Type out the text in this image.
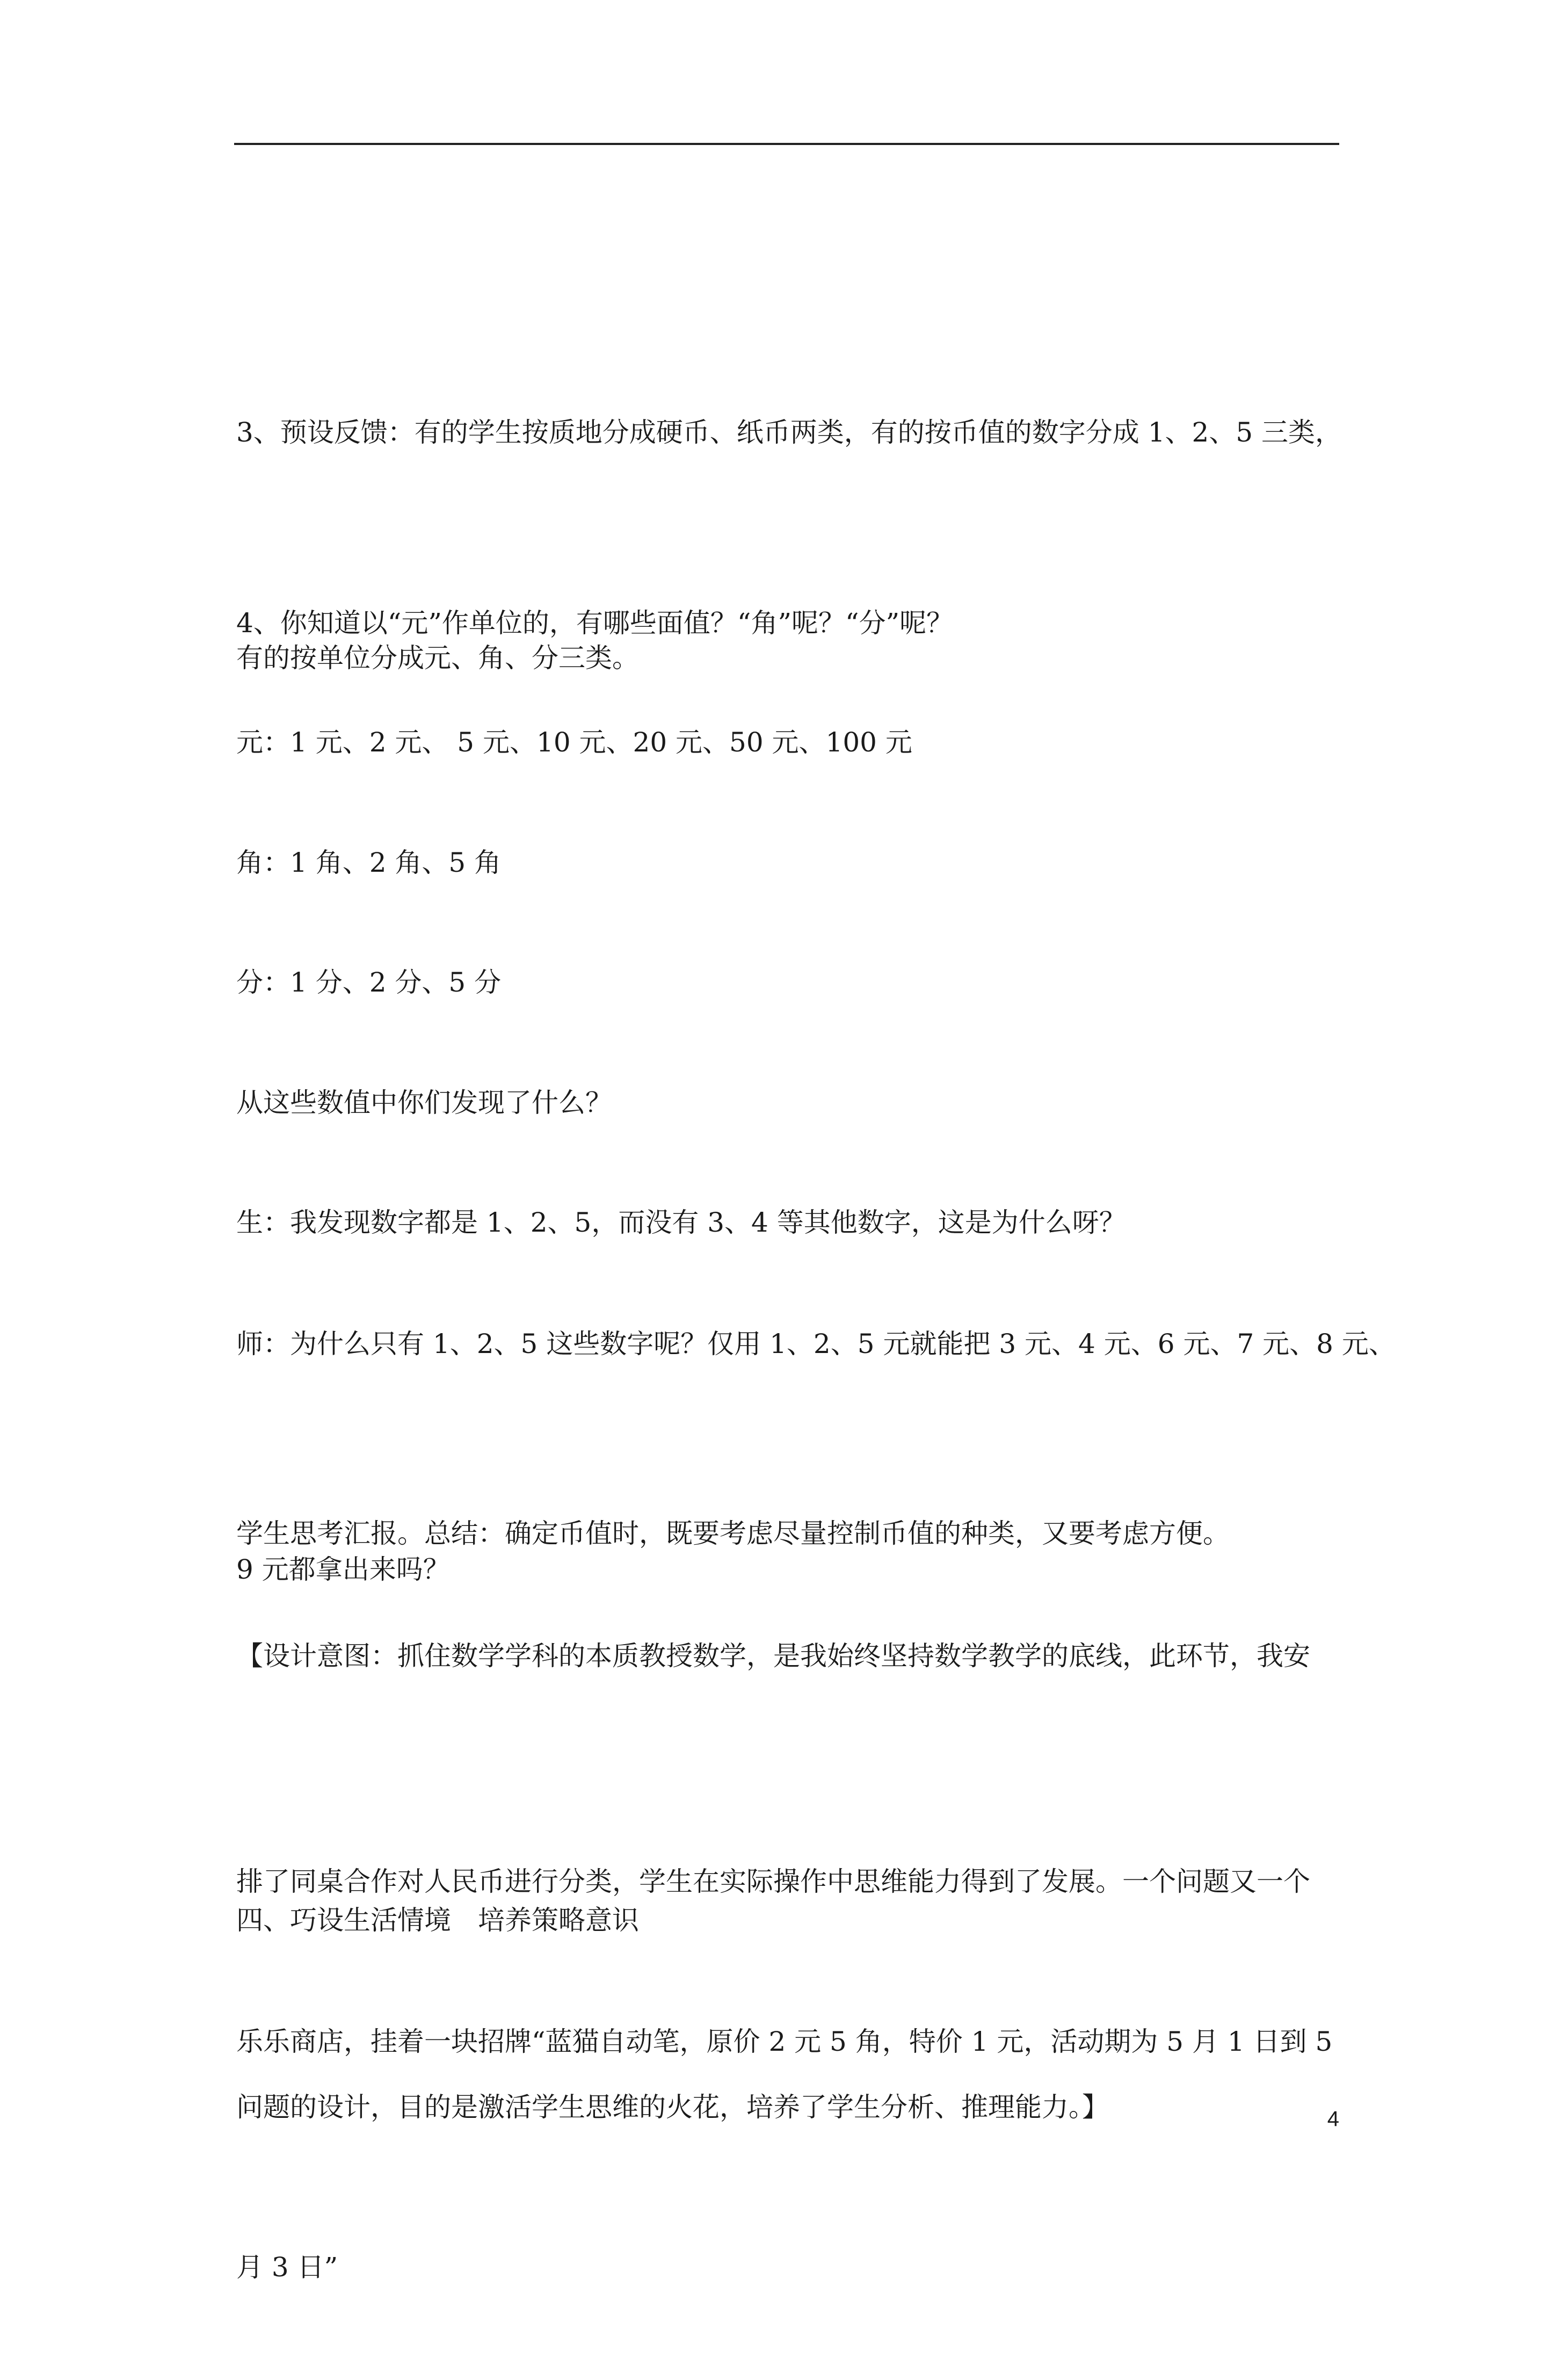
3、预设反馈：有的学生按质地分成硬币、纸币两类，有的按币值的数字分成 1、2、5 三类，

有的按单位分成元、角、分三类。

4、你知道以“元”作单位的，有哪些面值？“角”呢？“分”呢？

元：1 元、2 元、 5 元、10 元、20 元、50 元、100 元

角：1 角、2 角、5 角

分：1 分、2 分、5 分

从这些数值中你们发现了什么？

生：我发现数字都是 1、2、5，而没有 3、4 等其他数字，这是为什么呀？

师：为什么只有 1、2、5 这些数字呢？仅用 1、2、5 元就能把 3 元、4 元、6 元、7 元、8 元、

9 元都拿出来吗？

学生思考汇报。总结：确定币值时，既要考虑尽量控制币值的种类，又要考虑方便。

【设计意图：抓住数学学科的本质教授数学，是我始终坚持数学教学的底线，此环节，我安

排了同桌合作对人民币进行分类，学生在实际操作中思维能力得到了发展。一个问题又一个

问题的设计，目的是激活学生思维的火花，培养了学生分析、推理能力。】

四、巧设生活情境　培养策略意识

乐乐商店，挂着一块招牌“蓝猫自动笔，原价 2 元 5 角，特价 1 元，活动期为 5 月 1 日到 5

月 3 日”

4
